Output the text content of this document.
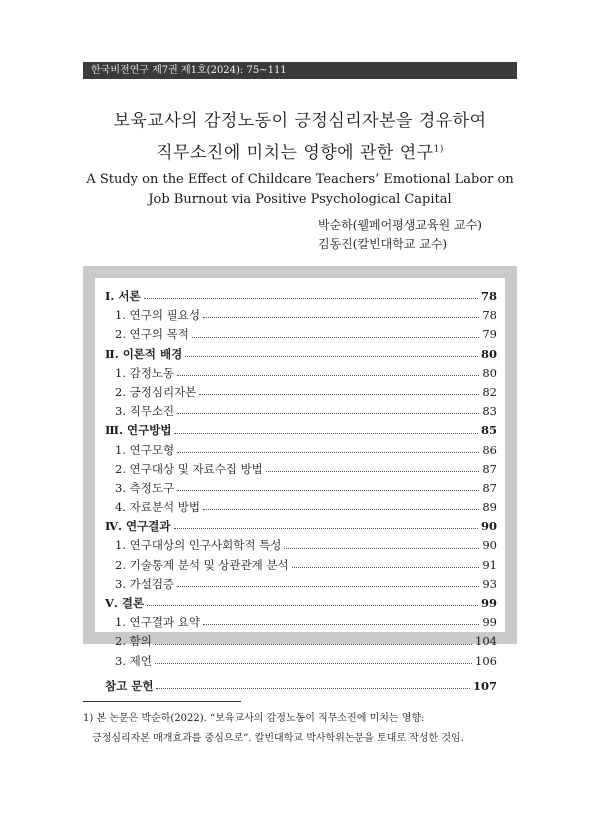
한국비전연구 제7권 제1호(2024): 75~111
보육교사의 감정노동이 긍정심리자본을 경유하여
직무소진에 미치는 영향에 관한 연구$^{1)}$
A Study on the Effect of Childcare Teachers’ Emotional Labor on
Job Burnout via Positive Psychological Capital
박순하(웰페어평생교육원 교수)
김동진(칼빈대학교 교수)
Ⅰ. 서론	78
1. 연구의 필요성	78
2. 연구의 목적	79
Ⅱ. 이론적 배경	80
1. 감정노동	80
2. 긍정심리자본	82
3. 직무소진	83
Ⅲ. 연구방법	85
1. 연구모형	86
2. 연구대상 및 자료수집 방법	87
3. 측정도구	87
4. 자료분석 방법	89
Ⅳ. 연구결과	90
1. 연구대상의 인구사회학적 특성	90
2. 기술통계 분석 및 상관관계 분석	91
3. 가설검증	93
Ⅴ. 결론	99
1. 연구결과 요약	99
2. 함의	104
3. 제언	106
참고 문헌	107
1) 본 논문은 박순하(2022). “보육교사의 감정노동이 직무소진에 미치는 영향:
긍정심리자본 매개효과를 중심으로”. 칼빈대학교 박사학위논문을 토대로 작성한 것임.
